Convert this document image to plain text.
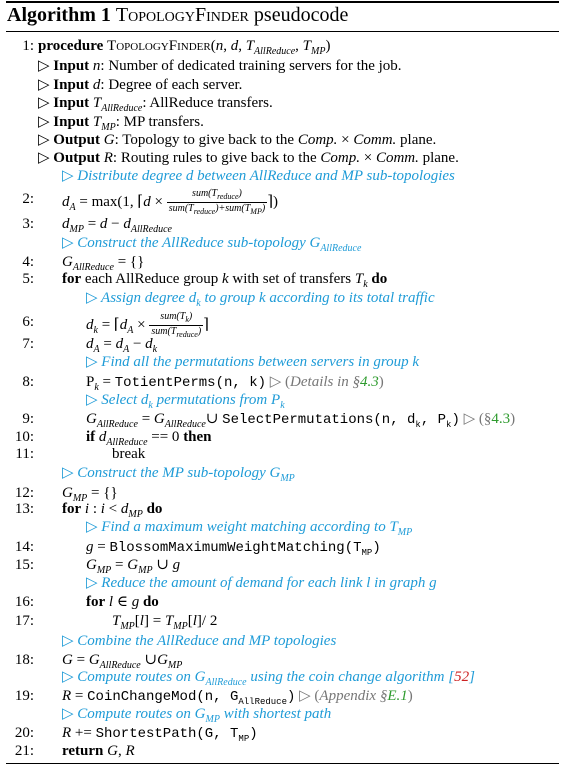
Algorithm 1 TopologyFinder pseudocode
1: procedure TopologyFinder(n, d, $T_{AllReduce}$, $T_{MP}$)
▷ Input n: Number of dedicated training servers for the job.
▷ Input d: Degree of each server.
▷ Input $T_{AllReduce}$: AllReduce transfers.
▷ Input $T_{MP}$: MP transfers.
▷ Output G: Topology to give back to the Comp. × Comm. plane.
▷ Output R: Routing rules to give back to the Comp. × Comm. plane.
▷ Distribute degree d between AllReduce and MP sub-topologies
2: $d_A = \max(1$, ⌈d × $\frac{sum(T_{reduce})}{sum(T_{reduce})+sum(T_{MP})}$ ⌉)
3: $d_{MP} = d - d_{AllReduce}$
▷ Construct the AllReduce sub-topology $G_{AllReduce}$
4: $G_{AllReduce}$ = {}
5: for each AllReduce group k with set of transfers $T_k$ do
▷ Assign degree $d_k$ to group k according to its total traffic
6:	$d_k$ = $⌈d_A \times \frac{sum(T_k)}{sum(T_{reduce})}$ ⌉
7:	$d_A = d_A - d_k$
▷ Find all the permutations between servers in group k
8:	$P_k$ = TotientPerms(n, k) ▷ (Details in §4.3)
▷ Select $d_k$ permutations from $P_k$
9:	$G_{AllReduce}$ = $G_{AllReduce}\cup$ SelectPermutations(n, $d_k$, $P_k$) ▷ (§4.3)
10:	if $d_{AllReduce} == 0$ then
11:	break
▷ Construct the MP sub-topology $G_{MP}$
12: $G_{MP}$ = {}
13: for i : $i < d_{MP}$ do
▷ Find a maximum weight matching according to $T_{MP}$
14:	$g = BlossomMaximumWeightMatching(T_{MP})$
15:	$G_{MP} = G_{MP}$ ∪ g
▷ Reduce the amount of demand for each link l in graph g
16:	for l ∈ g do
17:	$T_{MP}[l] = T_{MP}[l]/$ 2
▷ Combine the AllReduce and MP topologies
18: $G = G_{AllReduce}$ $\cup G_{MP}$
▷ Compute routes on $G_{AllReduce}$ using the coin change algorithm [52]
19: R = CoinChangeMod(n, $G_{AllReduce}$) ▷ (Appendix §E.1)
▷ Compute routes on $G_{MP}$ with shortest path
20: R += ShortestPath(G, $T_{MP}$)
21: return G, R
